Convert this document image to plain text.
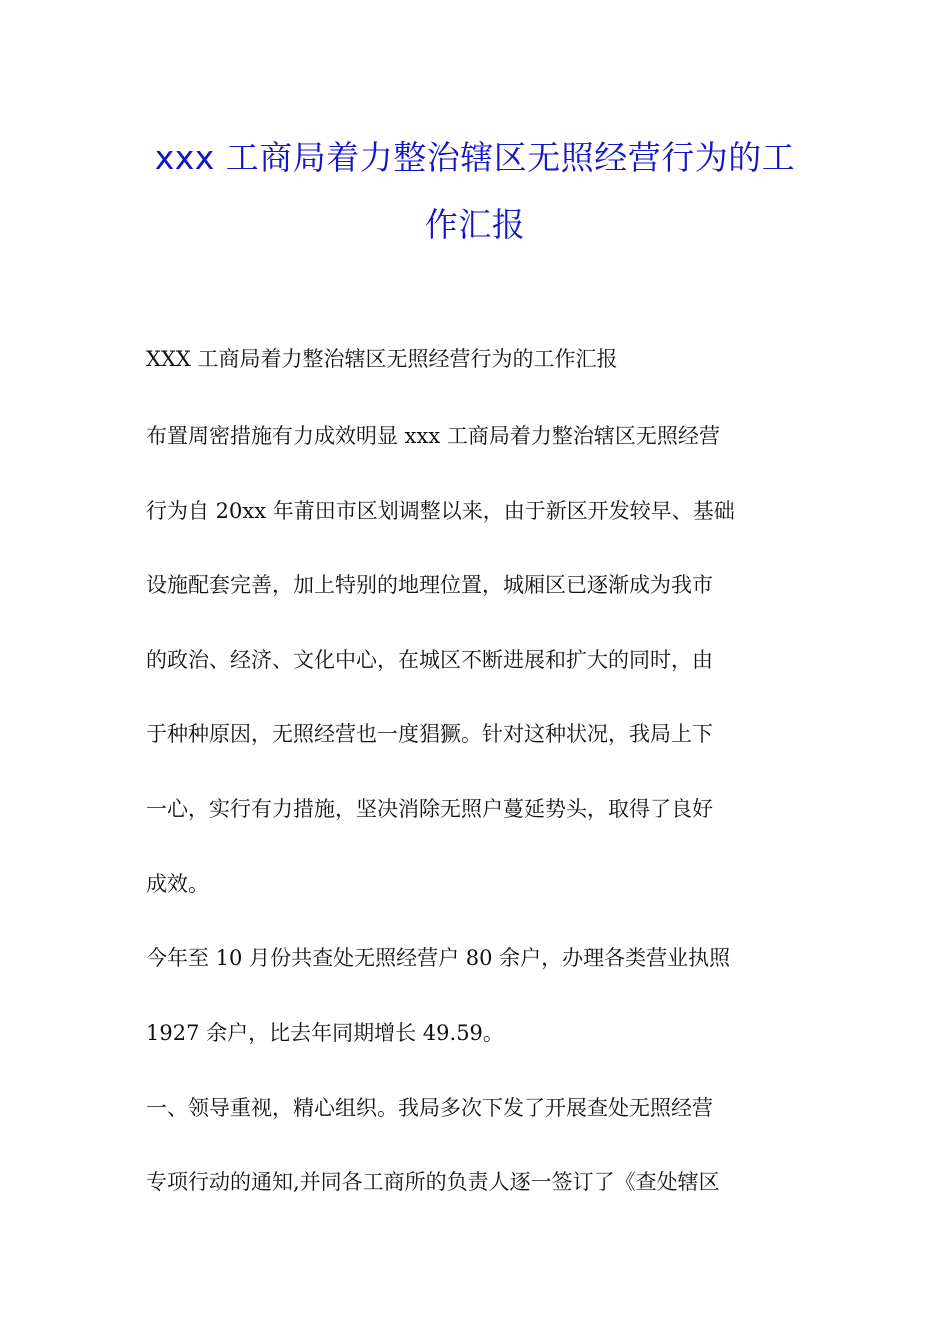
xxx 工商局着力整治辖区无照经营行为的工
作汇报
XXX 工商局着力整治辖区无照经营行为的工作汇报
布置周密措施有力成效明显 xxx 工商局着力整治辖区无照经营
行为自 20xx 年莆田市区划调整以来，由于新区开发较早、基础
设施配套完善，加上特别的地理位置，城厢区已逐渐成为我市
的政治、经济、文化中心，在城区不断进展和扩大的同时，由
于种种原因，无照经营也一度猖獗。针对这种状况，我局上下
一心，实行有力措施，坚决消除无照户蔓延势头，取得了良好
成效。
今年至 10 月份共查处无照经营户 80 余户，办理各类营业执照
1927 余户，比去年同期增长 49.59。
一、领导重视，精心组织。我局多次下发了开展查处无照经营
专项行动的通知,并同各工商所的负责人逐一签订了《查处辖区
